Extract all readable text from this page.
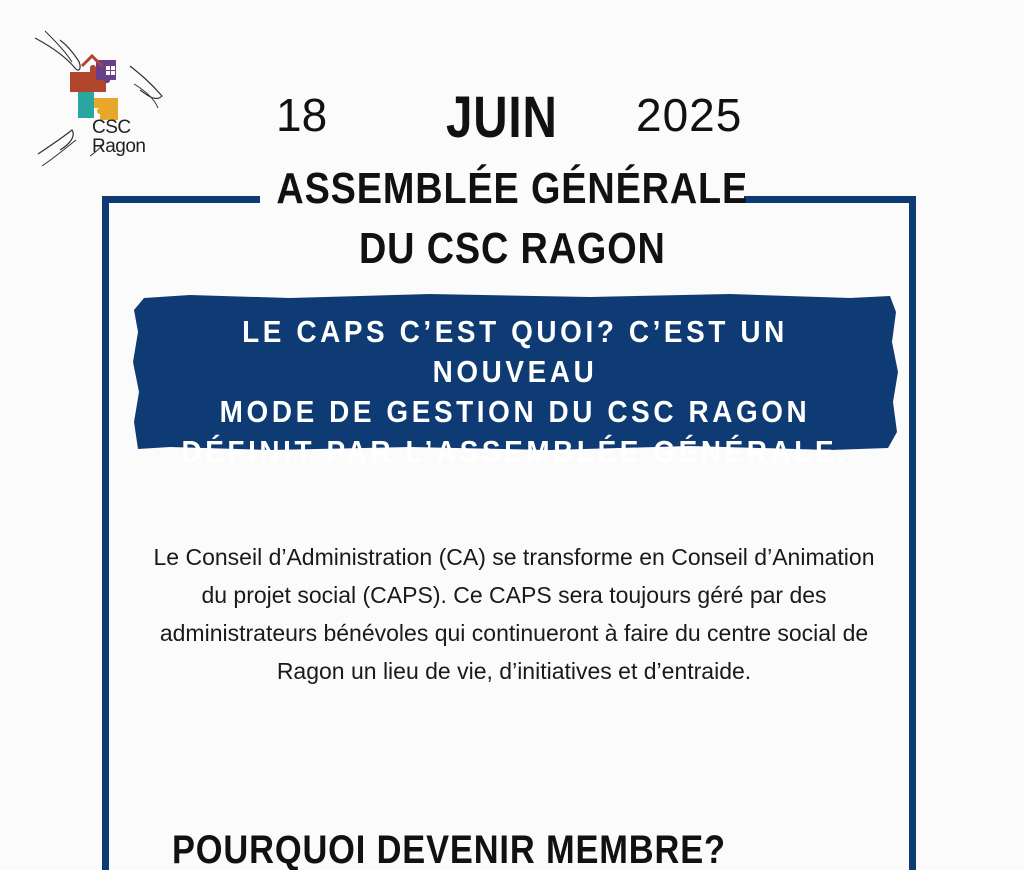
CSC
Ragon
18 JUIN 2025
ASSEMBLÉE GÉNÉRALE
DU CSC RAGON
LE CAPS C’EST QUOI? C’EST UN NOUVEAU
MODE DE GESTION DU CSC RAGON
DÉFINIT PAR L’ASSEMBLÉE GÉNÉRALE.
Le Conseil d’Administration (CA) se transforme en Conseil d’Animation du projet social (CAPS). Ce CAPS sera toujours géré par des administrateurs bénévoles qui continueront à faire du centre social de Ragon un lieu de vie, d’initiatives et d’entraide.
POURQUOI DEVENIR MEMBRE?
